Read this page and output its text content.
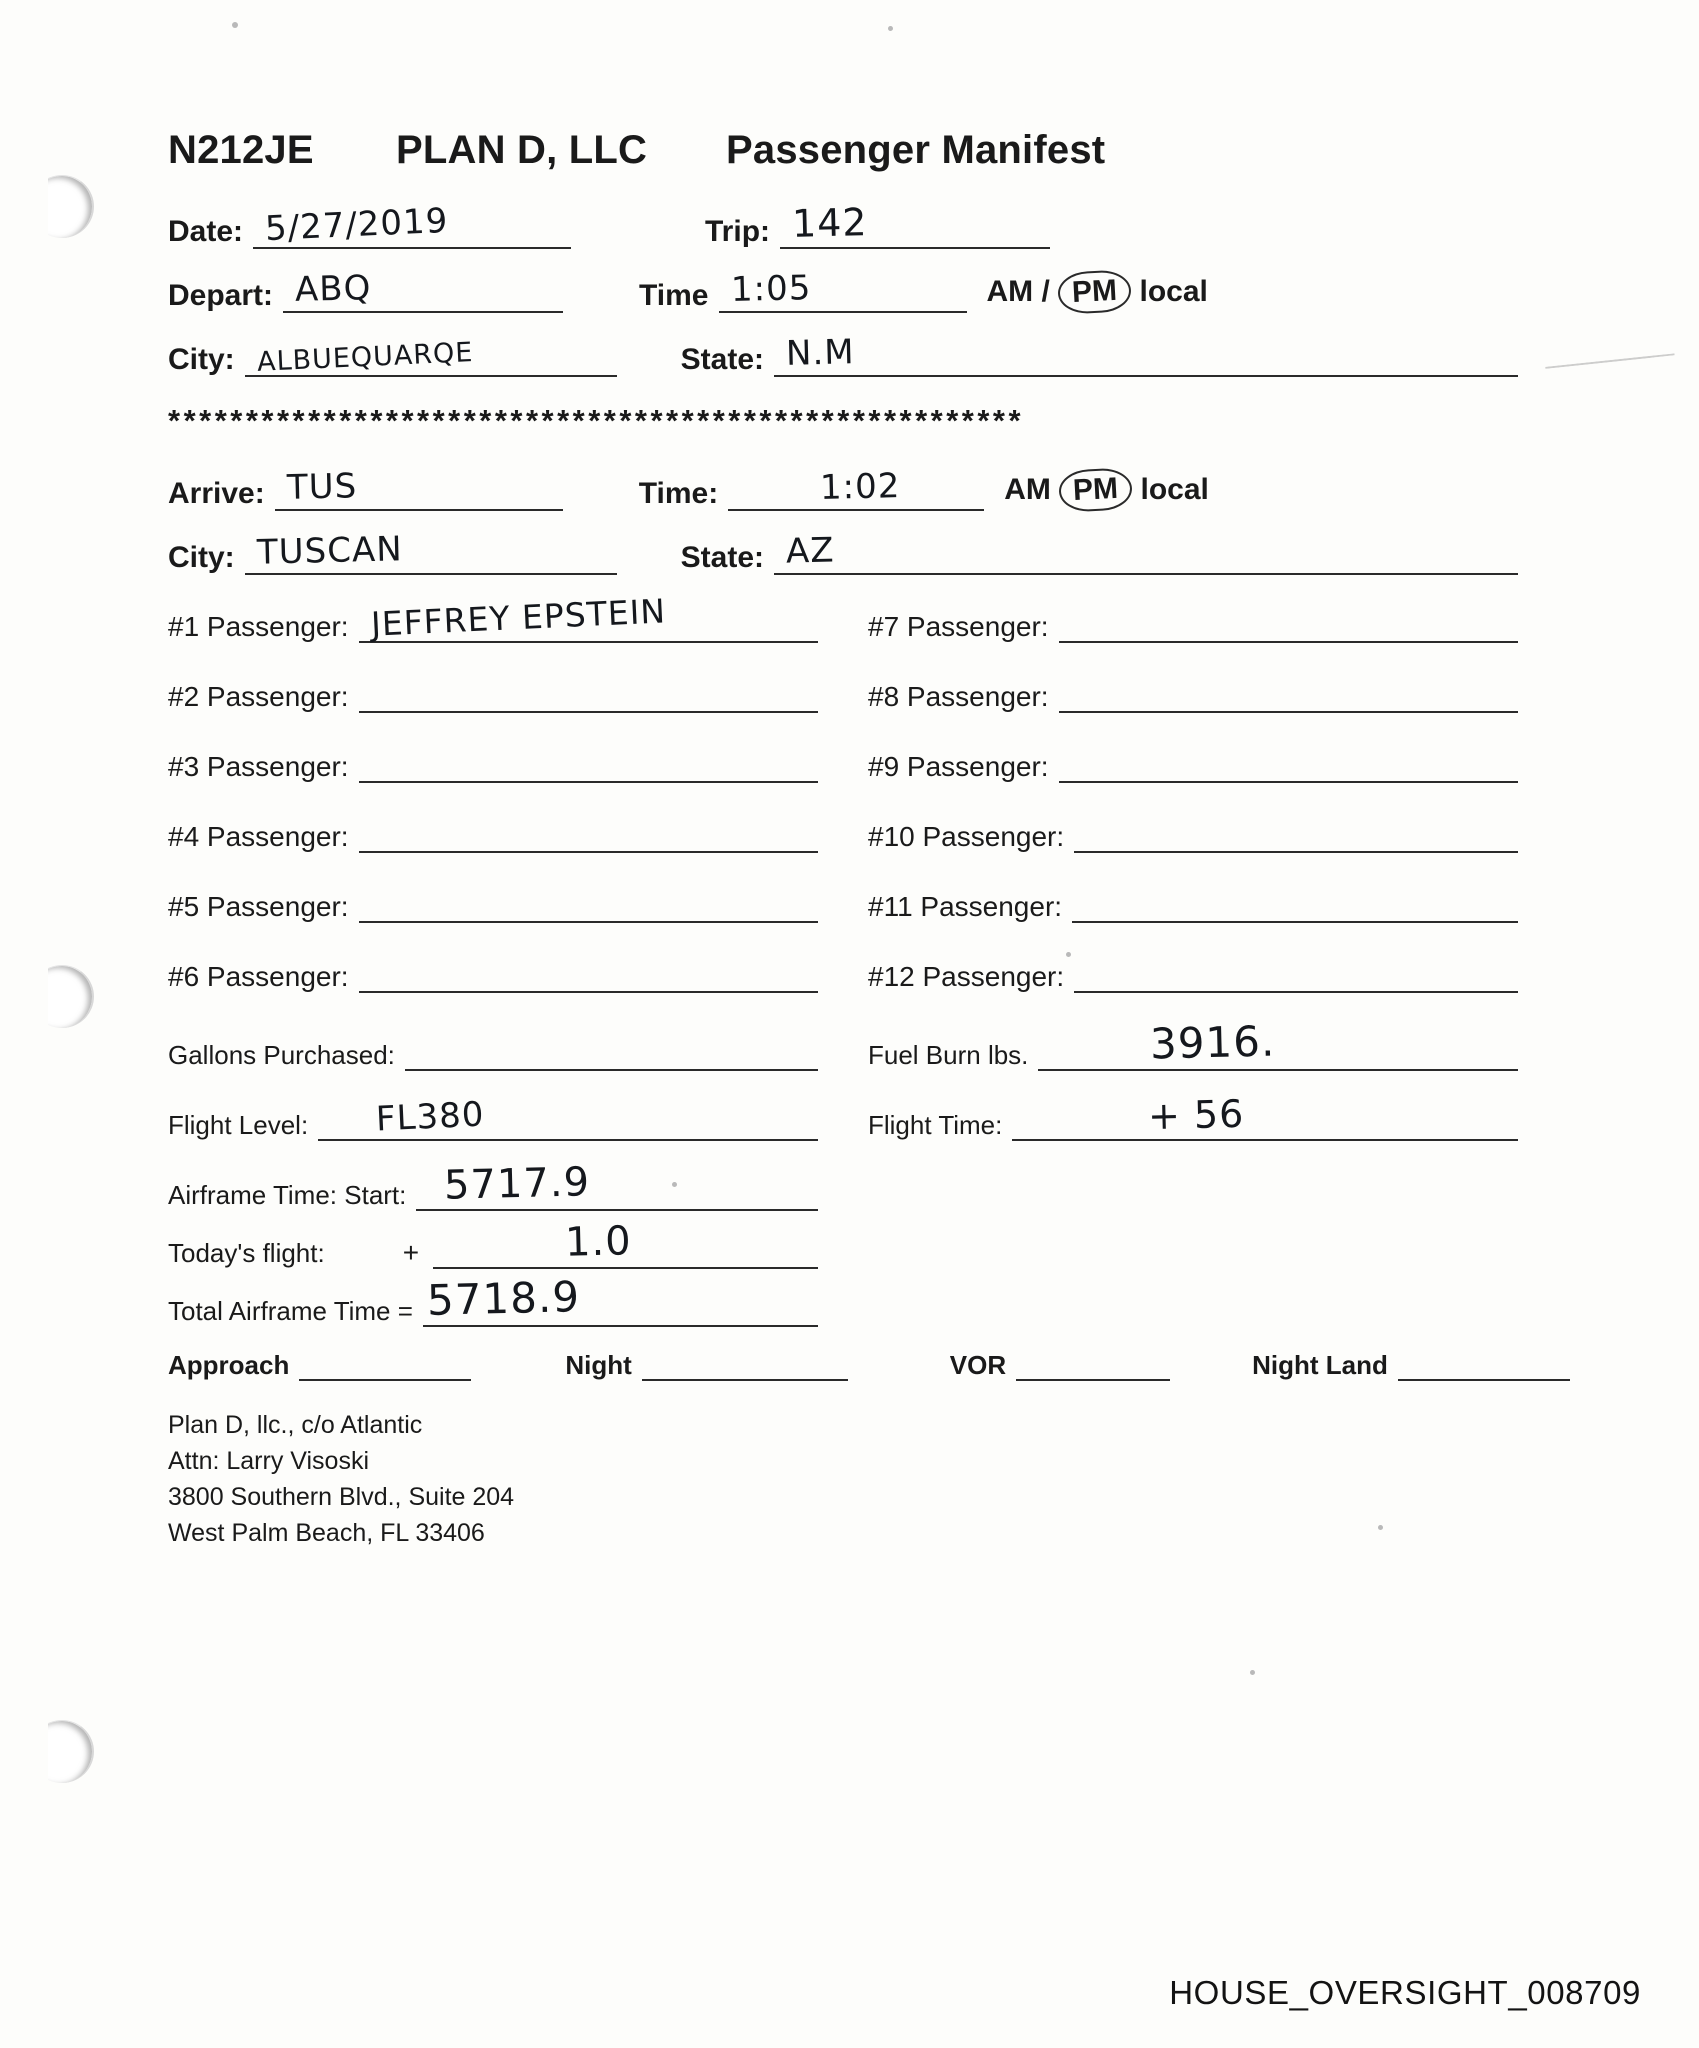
N212JE	PLAN D, LLC	Passenger Manifest
Date: 5/27/2019	Trip: 142
Depart: ABQ	Time 1:05	AM / PM local
City: ALBUEQUARQE	State: N.M
*******************************************************
Arrive: TUS	Time:	1:02	AM PM local
City: TUSCAN	State: AZ
#1 Passenger: JEFFREY EPSTEIN
#2 Passenger:
#3 Passenger:
#4 Passenger:
#5 Passenger:
#6 Passenger:
#7 Passenger:
#8 Passenger:
#9 Passenger:
#10 Passenger:
#11 Passenger:
#12 Passenger:
Gallons Purchased:
Flight Level: FL380
Fuel Burn lbs.	3916.
Flight Time:	+ 56
Airframe Time: Start: 5717.9
Today's flight:	+	1.0
Total Airframe Time = 5718.9
Approach	Night	VOR	Night Land
Plan D, llc., c/o Atlantic
Attn: Larry Visoski
3800 Southern Blvd., Suite 204
West Palm Beach, FL 33406
HOUSE_OVERSIGHT_008709
